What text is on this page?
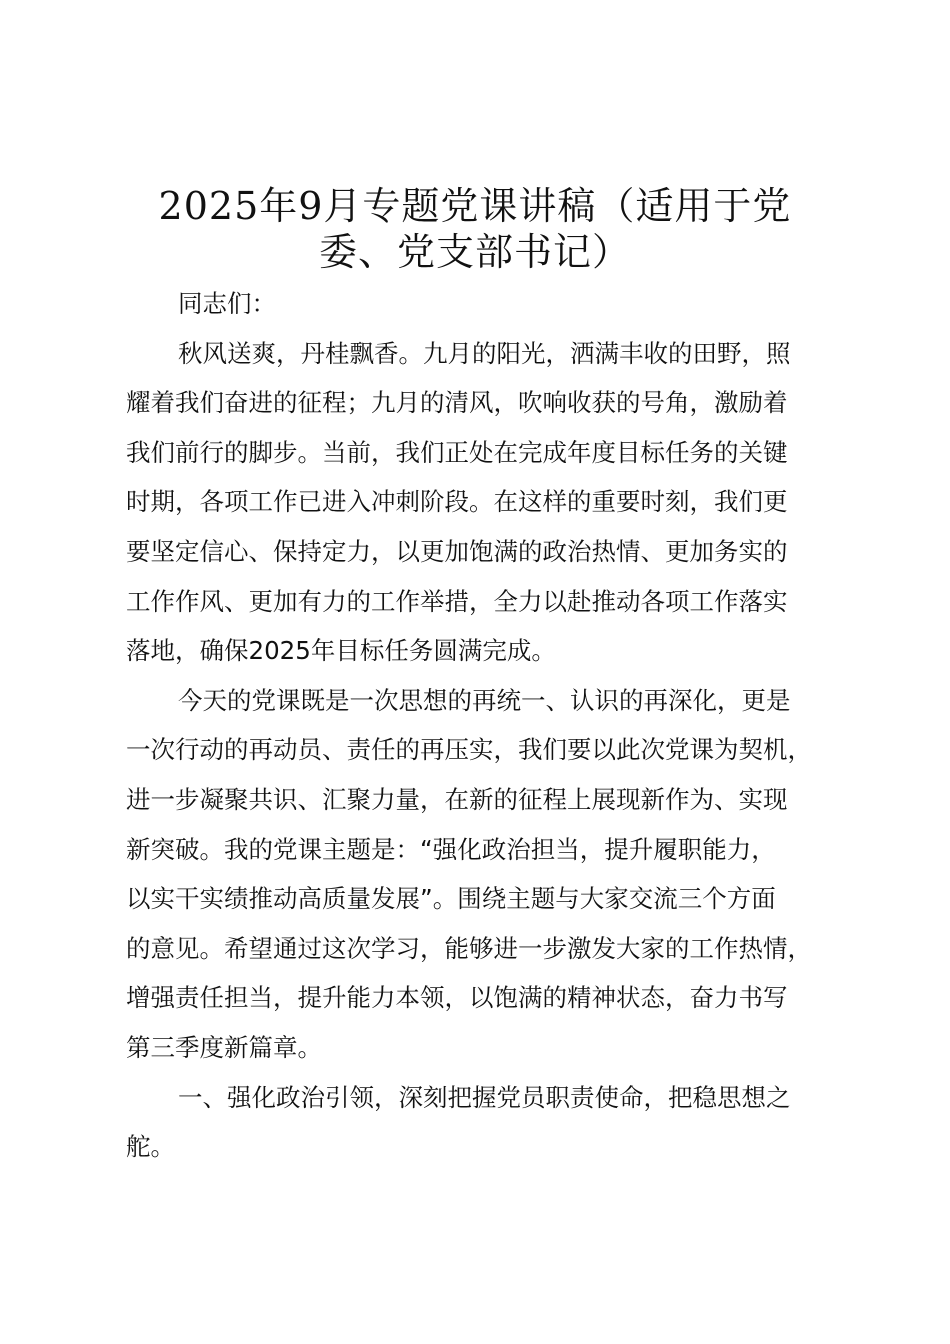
2025年9月专题党课讲稿（适用于党
委、党支部书记）
同志们：
秋风送爽，丹桂飘香。九月的阳光，洒满丰收的田野，照
耀着我们奋进的征程；九月的清风，吹响收获的号角，激励着
我们前行的脚步。当前，我们正处在完成年度目标任务的关键
时期，各项工作已进入冲刺阶段。在这样的重要时刻，我们更
要坚定信心、保持定力，以更加饱满的政治热情、更加务实的
工作作风、更加有力的工作举措，全力以赴推动各项工作落实
落地，确保2025年目标任务圆满完成。
今天的党课既是一次思想的再统一、认识的再深化，更是
一次行动的再动员、责任的再压实，我们要以此次党课为契机，
进一步凝聚共识、汇聚力量，在新的征程上展现新作为、实现
新突破。我的党课主题是：“强化政治担当，提升履职能力，
以实干实绩推动高质量发展”。围绕主题与大家交流三个方面
的意见。希望通过这次学习，能够进一步激发大家的工作热情，
增强责任担当，提升能力本领，以饱满的精神状态，奋力书写
第三季度新篇章。
一、强化政治引领，深刻把握党员职责使命，把稳思想之
舵。
